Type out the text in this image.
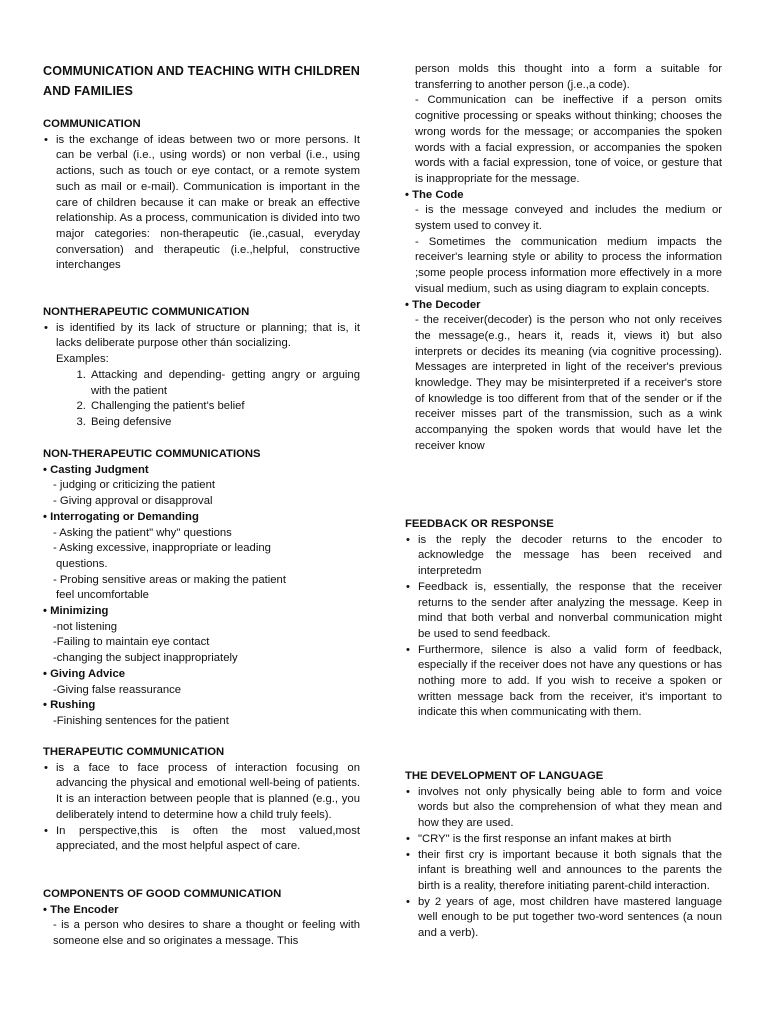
COMMUNICATION AND TEACHING WITH CHILDREN AND FAMILIES

COMMUNICATION

• is the exchange of ideas between two or more persons. It can be verbal (i.e., using words) or non verbal (i.e., using actions, such as touch or eye contact, or a remote system such as mail or e-mail). Communication is important in the care of children because it can make or break an effective relationship. As a process, communication is divided into two major categories: non-therapeutic (ie.,casual, everyday conversation) and therapeutic (i.e.,helpful, constructive interchanges

NONTHERAPEUTIC COMMUNICATION

• is identified by its lack of structure or planning; that is, it lacks deliberate purpose other thán socializing.

Examples:

1. Attacking and depending- getting angry or arguing with the patient
2. Challenging the patient's belief
3. Being defensive

NON-THERAPEUTIC COMMUNICATIONS

• Casting Judgment

- judging or criticizing the patient

- Giving approval or disapproval

• Interrogating or Demanding

- Asking the patient" why" questions

- Asking excessive, inappropriate or leading

questions.

- Probing sensitive areas or making the patient

feel uncomfortable

• Minimizing

-not listening

-Failing to maintain eye contact

-changing the subject inappropriately

• Giving Advice

-Giving false reassurance

• Rushing

-Finishing sentences for the patient

THERAPEUTIC COMMUNICATION

• is a face to face process of interaction focusing on advancing the physical and emotional well-being of patients. It is an interaction between people that is planned (e.g., you deliberately intend to determine how a child truly feels).

• In perspective,this is often the most valued,most appreciated, and the most helpful aspect of care.

COMPONENTS OF GOOD COMMUNICATION

• The Encoder

- is a person who desires to share a thought or feeling with someone else and so originates a message. This

person molds this thought into a form a suitable for transferring to another person (j.e.,a code).

- Communication can be ineffective if a person omits cognitive processing or speaks without thinking; chooses the wrong words for the message; or accompanies the spoken words with a facial expression, or accompanies the spoken words with a facial expression, tone of voice, or gesture that is inappropriate for the message.

• The Code

- is the message conveyed and includes the medium or system used to convey it.

- Sometimes the communication medium impacts the receiver's learning style or ability to process the information ;some people process information more effectively in a more visual medium, such as using diagram to explain concepts.

• The Decoder

- the receiver(decoder) is the person who not only receives the message(e.g., hears it, reads it, views it) but also interprets or decides its meaning (via cognitive processing). Messages are interpreted in light of the receiver's previous knowledge. They may be misinterpreted if a receiver's store of knowledge is too different from that of the sender or if the receiver misses part of the transmission, such as a wink accompanying the spoken words that would have let the receiver know

FEEDBACK OR RESPONSE

• is the reply the decoder returns to the encoder to acknowledge the message has been received and interpretedm

• Feedback is, essentially, the response that the receiver returns to the sender after analyzing the message. Keep in mind that both verbal and nonverbal communication might be used to send feedback.

• Furthermore, silence is also a valid form of feedback, especially if the receiver does not have any questions or has nothing more to add. If you wish to receive a spoken or written message back from the receiver, it's important to indicate this when communicating with them.

THE DEVELOPMENT OF LANGUAGE

• involves not only physically being able to form and voice words but also the comprehension of what they mean and how they are used.

• "CRY" is the first response an infant makes at birth

• their first cry is important because it both signals that the infant is breathing well and announces to the parents the birth is a reality, therefore initiating parent-child interaction.

• by 2 years of age, most children have mastered language well enough to be put together two-word sentences (a noun and a verb).
